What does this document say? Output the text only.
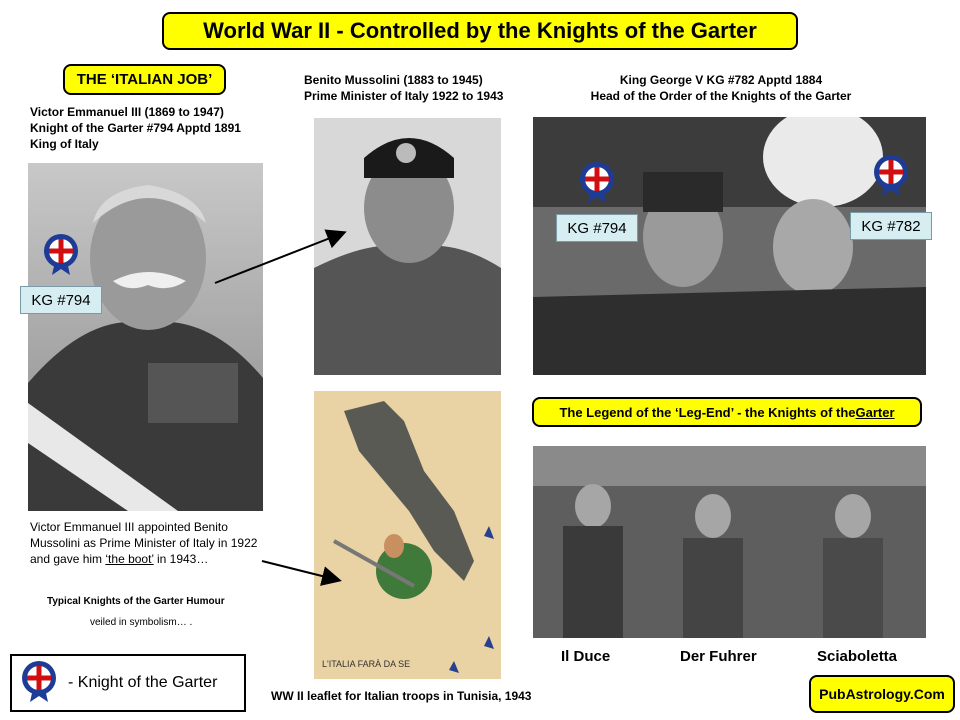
World War II - Controlled by the Knights of the Garter
THE ‘ITALIAN JOB’
Victor Emmanuel III (1869 to 1947)
Knight of the Garter #794 Apptd 1891
King of Italy
Benito Mussolini (1883 to 1945)
Prime Minister of Italy 1922 to 1943
King George V KG #782 Apptd 1884
Head of the Order of the Knights of the Garter
L'ITALIA FARÀ DA SE
KG #794
KG #794	KG #782
Victor Emmanuel III appointed Benito Mussolini as Prime Minister of Italy in 1922 and gave him ‘the boot’ in 1943…
Typical Knights of the Garter Humour
veiled in symbolism… .
The Legend of the ‘Leg-End’ - the Knights of the Garter
Il Duce	Der Fuhrer	Sciaboletta
WW II leaflet for Italian troops in Tunisia, 1943
- Knight of the Garter
PubAstrology.Com
